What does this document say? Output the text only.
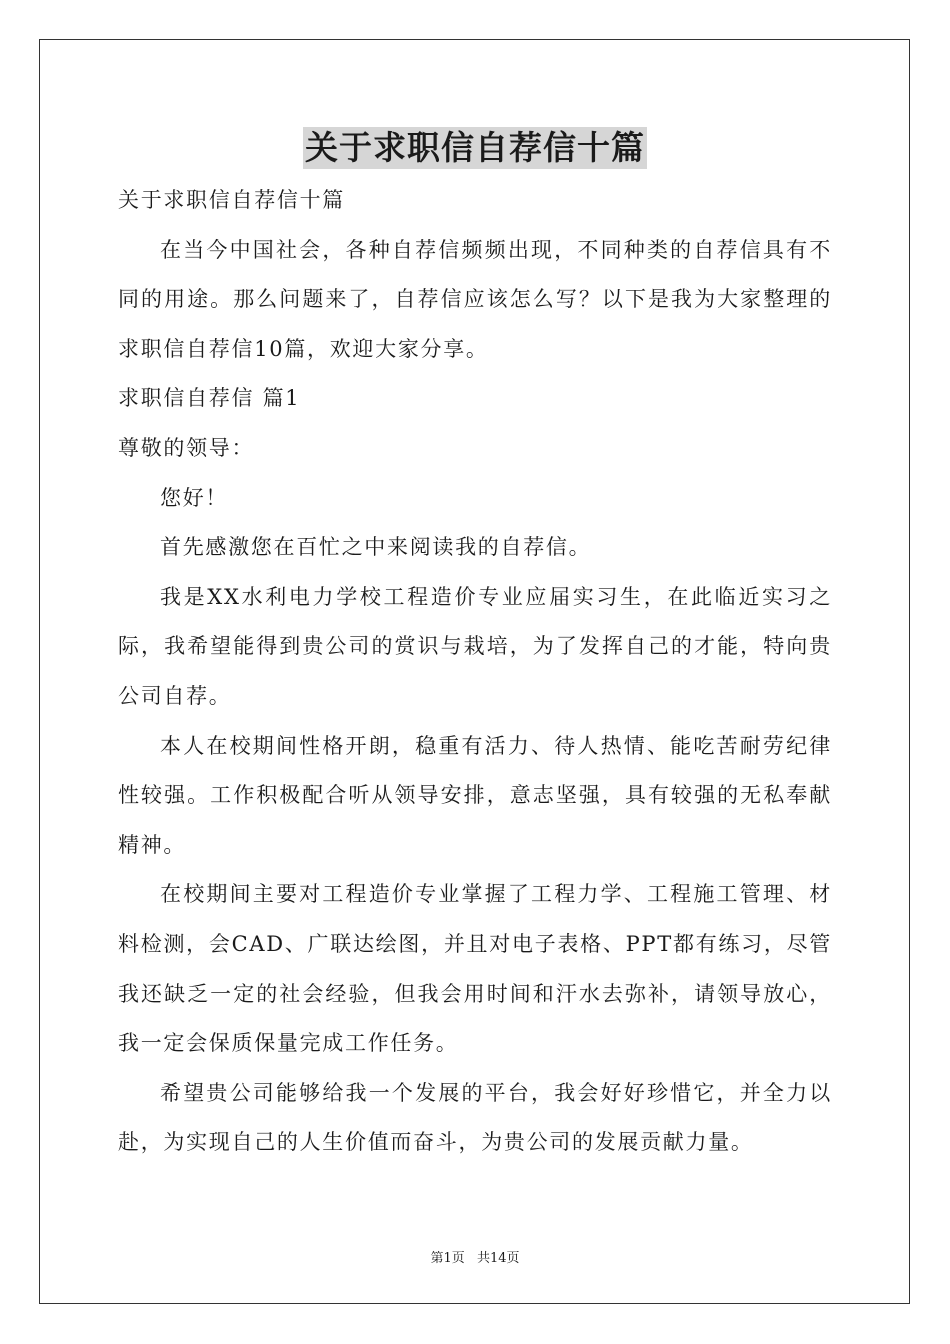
关于求职信自荐信十篇

关于求职信自荐信十篇

在当今中国社会，各种自荐信频频出现，不同种类的自荐信具有不同的用途。那么问题来了，自荐信应该怎么写？以下是我为大家整理的求职信自荐信10篇，欢迎大家分享。

求职信自荐信 篇1

尊敬的领导：

您好！

首先感激您在百忙之中来阅读我的自荐信。

我是XX水利电力学校工程造价专业应届实习生，在此临近实习之际，我希望能得到贵公司的赏识与栽培，为了发挥自己的才能，特向贵公司自荐。

本人在校期间性格开朗，稳重有活力、待人热情、能吃苦耐劳纪律性较强。工作积极配合听从领导安排，意志坚强，具有较强的无私奉献精神。

在校期间主要对工程造价专业掌握了工程力学、工程施工管理、材料检测，会CAD、广联达绘图，并且对电子表格、PPT都有练习，尽管我还缺乏一定的社会经验，但我会用时间和汗水去弥补，请领导放心，我一定会保质保量完成工作任务。

希望贵公司能够给我一个发展的平台，我会好好珍惜它，并全力以赴，为实现自己的人生价值而奋斗，为贵公司的发展贡献力量。

第1页 共14页
